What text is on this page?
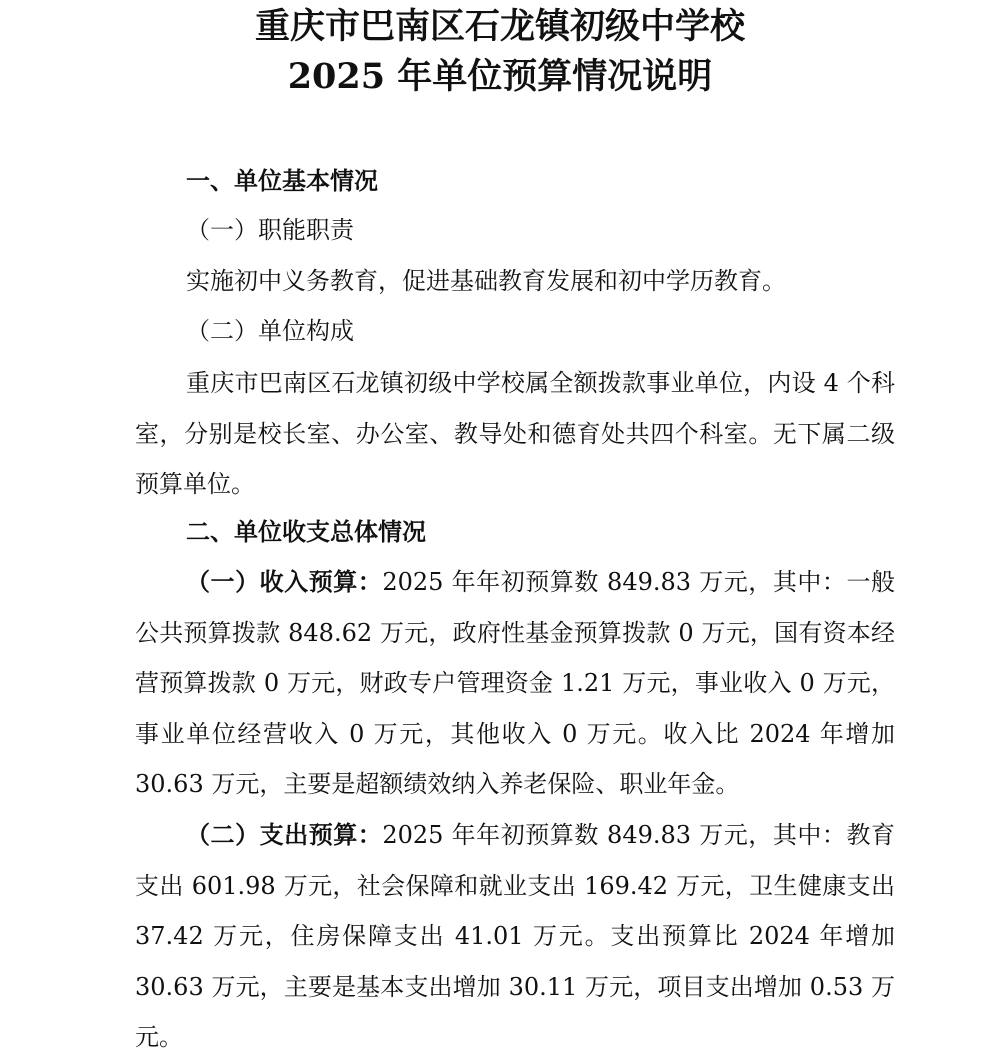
重庆市巴南区石龙镇初级中学校
2025 年单位预算情况说明
一、单位基本情况

（一）职能职责

实施初中义务教育，促进基础教育发展和初中学历教育。

（二）单位构成

重庆市巴南区石龙镇初级中学校属全额拨款事业单位，内设 4 个科室，分别是校长室、办公室、教导处和德育处共四个科室。无下属二级预算单位。

二、单位收支总体情况

（一）收入预算：2025 年年初预算数 849.83 万元，其中：一般公共预算拨款 848.62 万元，政府性基金预算拨款 0 万元，国有资本经营预算拨款 0 万元，财政专户管理资金 1.21 万元，事业收入 0 万元，事业单位经营收入 0 万元，其他收入 0 万元。收入比 2024 年增加 30.63 万元，主要是超额绩效纳入养老保险、职业年金。

（二）支出预算：2025 年年初预算数 849.83 万元，其中：教育支出 601.98 万元，社会保障和就业支出 169.42 万元，卫生健康支出 37.42 万元，住房保障支出 41.01 万元。支出预算比 2024 年增加 30.63 万元，主要是基本支出增加 30.11 万元，项目支出增加 0.53 万元。
